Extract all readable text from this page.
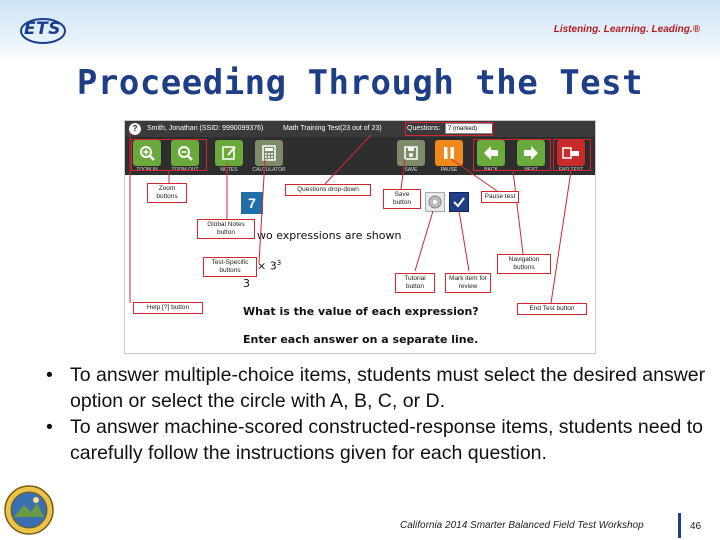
ETS	Listening. Learning. Leading.®
Proceeding Through the Test
?	Smith, Jonathan (SSID: 9990099376)	Math Training Test(23 out of 23)	Questions:	7 (marked)
ZOOM IN	ZOOM OUT	NOTES	CALCULATOR	SAVE	PAUSE	BACK	NEXT	END TEST
7
wo expressions are shown
× $3^3$
3
What is the value of each expression?
Enter each answer on a separate line.
Zoom buttons
Questions drop-down
Save button
Pause test
Global Notes button
Test-Specific buttons
Tutorial button
Mark item for review
Navigation buttons
Help [?] button	End Test button
• To answer multiple-choice items, students must select the desired answer option or select the circle with A, B, C, or D.
• To answer machine-scored constructed-response items, students need to carefully follow the instructions given for each question.
California 2014 Smarter Balanced Field Test Workshop	46
